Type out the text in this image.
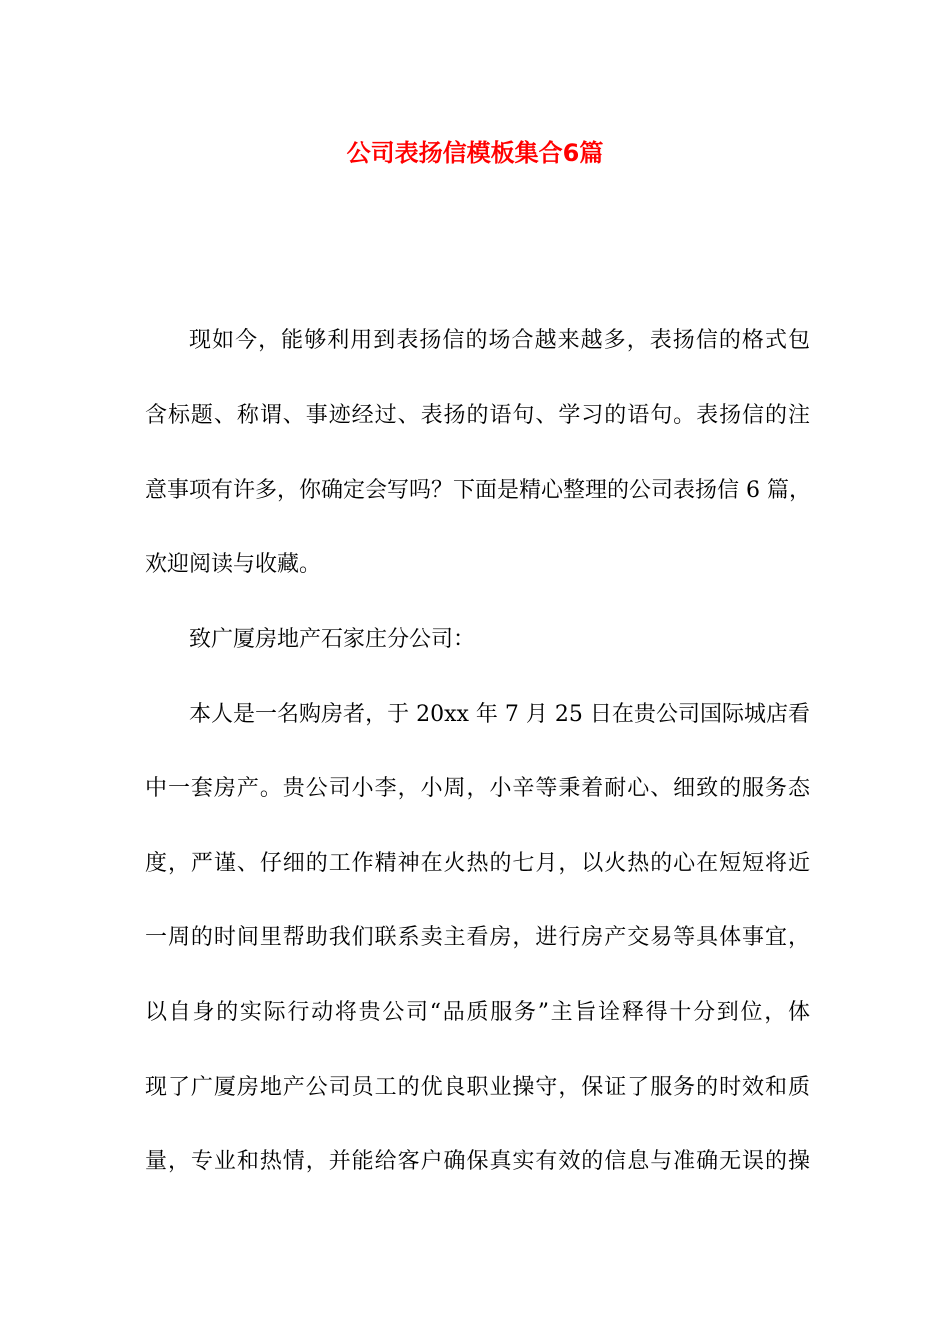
公司表扬信模板集合6篇

现如今，能够利用到表扬信的场合越来越多，表扬信的格式包

含标题、称谓、事迹经过、表扬的语句、学习的语句。表扬信的注

意事项有许多，你确定会写吗？下面是精心整理的公司表扬信 6 篇，

欢迎阅读与收藏。

致广厦房地产石家庄分公司：

本人是一名购房者，于 20xx 年 7 月 25 日在贵公司国际城店看

中一套房产。贵公司小李，小周，小辛等秉着耐心、细致的服务态

度，严谨、仔细的工作精神在火热的七月，以火热的心在短短将近

一周的时间里帮助我们联系卖主看房，进行房产交易等具体事宜，

以自身的实际行动将贵公司“品质服务”主旨诠释得十分到位，体

现了广厦房地产公司员工的优良职业操守，保证了服务的时效和质

量，专业和热情，并能给客户确保真实有效的信息与准确无误的操
